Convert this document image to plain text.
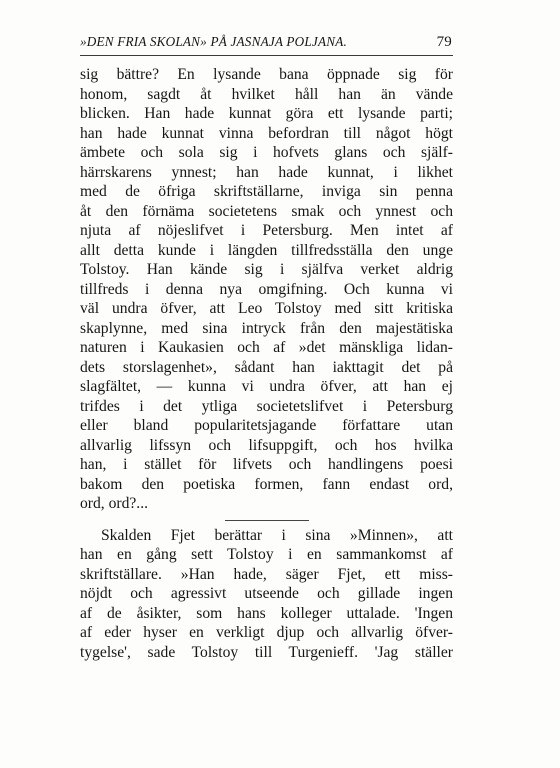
»DEN FRIA SKOLAN» PÅ JASNAJA POLJANA.	79
sig bättre? En lysande bana öppnade sig för
honom, sagdt åt hvilket håll han än vände
blicken. Han hade kunnat göra ett lysande parti;
han hade kunnat vinna befordran till något högt
ämbete och sola sig i hofvets glans och själf-
härrskarens ynnest; han hade kunnat, i likhet
med de öfriga skriftställarne, inviga sin penna
åt den förnäma societetens smak och ynnest och
njuta af nöjeslifvet i Petersburg. Men intet af
allt detta kunde i längden tillfredsställa den unge
Tolstoy. Han kände sig i själfva verket aldrig
tillfreds i denna nya omgifning. Och kunna vi
väl undra öfver, att Leo Tolstoy med sitt kritiska
skaplynne, med sina intryck från den majestätiska
naturen i Kaukasien och af »det mänskliga lidan-
dets storslagenhet», sådant han iakttagit det på
slagfältet, — kunna vi undra öfver, att han ej
trifdes i det ytliga societetslifvet i Petersburg
eller bland popularitetsjagande författare utan
allvarlig lifssyn och lifsuppgift, och hos hvilka
han, i stället för lifvets och handlingens poesi
bakom den poetiska formen, fann endast ord,
ord, ord?...
Skalden Fjet berättar i sina »Minnen», att
han en gång sett Tolstoy i en sammankomst af
skriftställare. »Han hade, säger Fjet, ett miss-
nöjdt och agressivt utseende och gillade ingen
af de åsikter, som hans kolleger uttalade. 'Ingen
af eder hyser en verkligt djup och allvarlig öfver-
tygelse', sade Tolstoy till Turgenieff. 'Jag ställer
